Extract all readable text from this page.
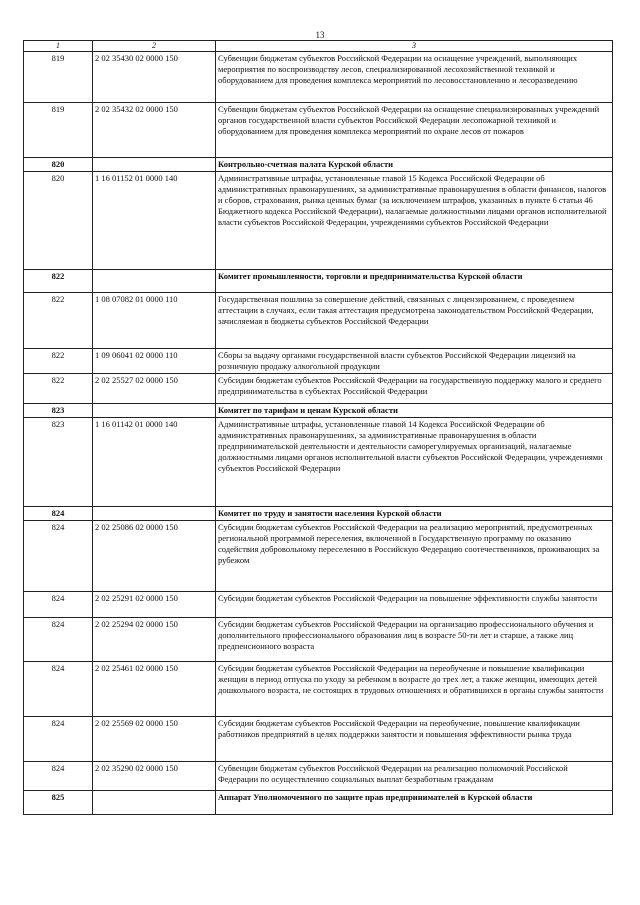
13
1	2	3
819	2 02 35430 02 0000 150	Субвенции бюджетам субъектов Российской Федерации на оснащение учреждений, выполняющих мероприятия по воспроизводству лесов, специализированной лесохозяйственной техникой и оборудованием для проведения комплекса мероприятий по лесовосстановлению и лесоразведению
819	2 02 35432 02 0000 150	Субвенции бюджетам субъектов Российской Федерации на оснащение специализированных учреждений органов государственной власти субъектов Российской Федерации лесопожарной техникой и оборудованием для проведения комплекса мероприятий по охране лесов от пожаров
820		Контрольно-счетная палата Курской области
820	1 16 01152 01 0000 140	Административные штрафы, установленные главой 15 Кодекса Российской Федерации об административных правонарушениях, за административные правонарушения в области финансов, налогов и сборов, страхования, рынка ценных бумаг (за исключением штрафов, указанных в пункте 6 статьи 46 Бюджетного кодекса Российской Федерации), налагаемые должностными лицами органов исполнительной власти субъектов Российской Федерации, учреждениями субъектов Российской Федерации
822		Комитет промышленности, торговли и предпринимательства Курской области
822	1 08 07082 01 0000 110	Государственная пошлина за совершение действий, связанных с лицензированием, с проведением аттестации в случаях, если такая аттестация предусмотрена законодательством Российской Федерации, зачисляемая в бюджеты субъектов Российской Федерации
822	1 09 06041 02 0000 110	Сборы за выдачу органами государственной власти субъектов Российской Федерации лицензий на розничную продажу алкогольной продукции
822	2 02 25527 02 0000 150	Субсидии бюджетам субъектов Российской Федерации на государственную поддержку малого и среднего предпринимательства в субъектах Российской Федерации
823		Комитет по тарифам и ценам Курской области
823	1 16 01142 01 0000 140	Административные штрафы, установленные главой 14 Кодекса Российской Федерации об административных правонарушениях, за административные правонарушения в области предпринимательской деятельности и деятельности саморегулируемых организаций, налагаемые должностными лицами органов исполнительной власти субъектов Российской Федерации, учреждениями субъектов Российской Федерации
824		Комитет по труду и занятости населения Курской области
824	2 02 25086 02 0000 150	Субсидии бюджетам субъектов Российской Федерации на реализацию мероприятий, предусмотренных региональной программой переселения, включенной в Государственную программу по оказанию содействия добровольному переселению в Российскую Федерацию соотечественников, проживающих за рубежом
824	2 02 25291 02 0000 150	Субсидии бюджетам субъектов Российской Федерации на повышение эффективности службы занятости
824	2 02 25294 02 0000 150	Субсидии бюджетам субъектов Российской Федерации на организацию профессионального обучения и дополнительного профессионального образования лиц в возрасте 50-ти лет и старше, а также лиц предпенсионного возраста
824	2 02 25461 02 0000 150	Субсидии бюджетам субъектов Российской Федерации на переобучение и повышение квалификации женщин в период отпуска по уходу за ребенком в возрасте до трех лет, а также женщин, имеющих детей дошкольного возраста, не состоящих в трудовых отношениях и обратившихся в органы службы занятости
824	2 02 25569 02 0000 150	Субсидии бюджетам субъектов Российской Федерации на переобучение, повышение квалификации работников предприятий в целях поддержки занятости и повышения эффективности рынка труда
824	2 02 35290 02 0000 150	Субвенции бюджетам субъектов Российской Федерации на реализацию полномочий Российской Федерации по осуществлению социальных выплат безработным гражданам
825		Аппарат Уполномоченного по защите прав предпринимателей в Курской области
